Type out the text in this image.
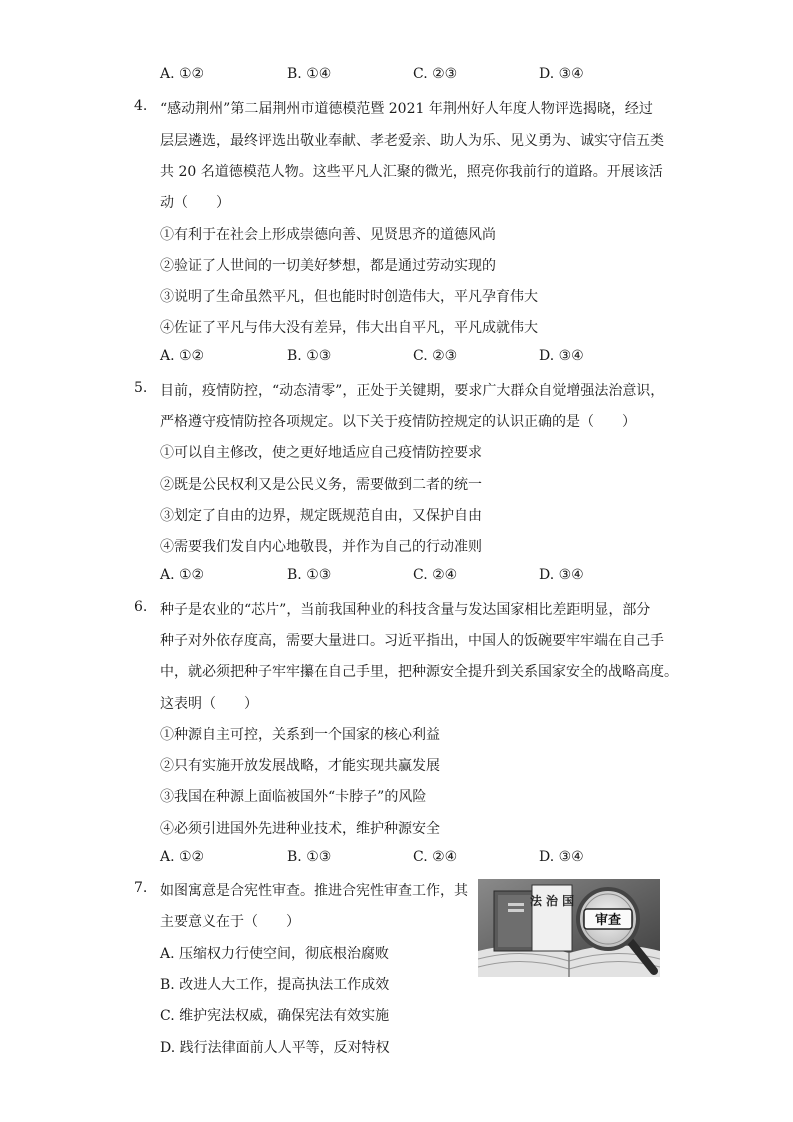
A. ①②	B. ①④	C. ②③	D. ③④
4. “感动荆州”第二届荆州市道德模范暨 2021 年荆州好人年度人物评选揭晓，经过
层层遴选，最终评选出敬业奉献、孝老爱亲、助人为乐、见义勇为、诚实守信五类
共 20 名道德模范人物。这些平凡人汇聚的微光，照亮你我前行的道路。开展该活
动（　　）
①有利于在社会上形成崇德向善、见贤思齐的道德风尚
②验证了人世间的一切美好梦想，都是通过劳动实现的
③说明了生命虽然平凡，但也能时时创造伟大，平凡孕育伟大
④佐证了平凡与伟大没有差异，伟大出自平凡，平凡成就伟大
A. ①②	B. ①③	C. ②③	D. ③④
5. 目前，疫情防控，“动态清零”，正处于关键期，要求广大群众自觉增强法治意识，
严格遵守疫情防控各项规定。以下关于疫情防控规定的认识正确的是（　　）
①可以自主修改，使之更好地适应自己疫情防控要求
②既是公民权利又是公民义务，需要做到二者的统一
③划定了自由的边界，规定既规范自由，又保护自由
④需要我们发自内心地敬畏，并作为自己的行动准则
A. ①②	B. ①③	C. ②④	D. ③④
6. 种子是农业的“芯片”，当前我国种业的科技含量与发达国家相比差距明显，部分
种子对外依存度高，需要大量进口。习近平指出，中国人的饭碗要牢牢端在自己手
中，就必须把种子牢牢攥在自己手里，把种源安全提升到关系国家安全的战略高度。
这表明（　　）
①种源自主可控，关系到一个国家的核心利益
②只有实施开放发展战略，才能实现共赢发展
③我国在种源上面临被国外“卡脖子”的风险
④必须引进国外先进种业技术，维护种源安全
A. ①②	B. ①③	C. ②④	D. ③④
7. 如图寓意是合宪性审查。推进合宪性审查工作，其
主要意义在于（　　）
A. 压缩权力行使空间，彻底根治腐败
B. 改进人大工作，提高执法工作成效
C. 维护宪法权威，确保宪法有效实施
D. 践行法律面前人人平等，反对特权
法 治 国
审查
